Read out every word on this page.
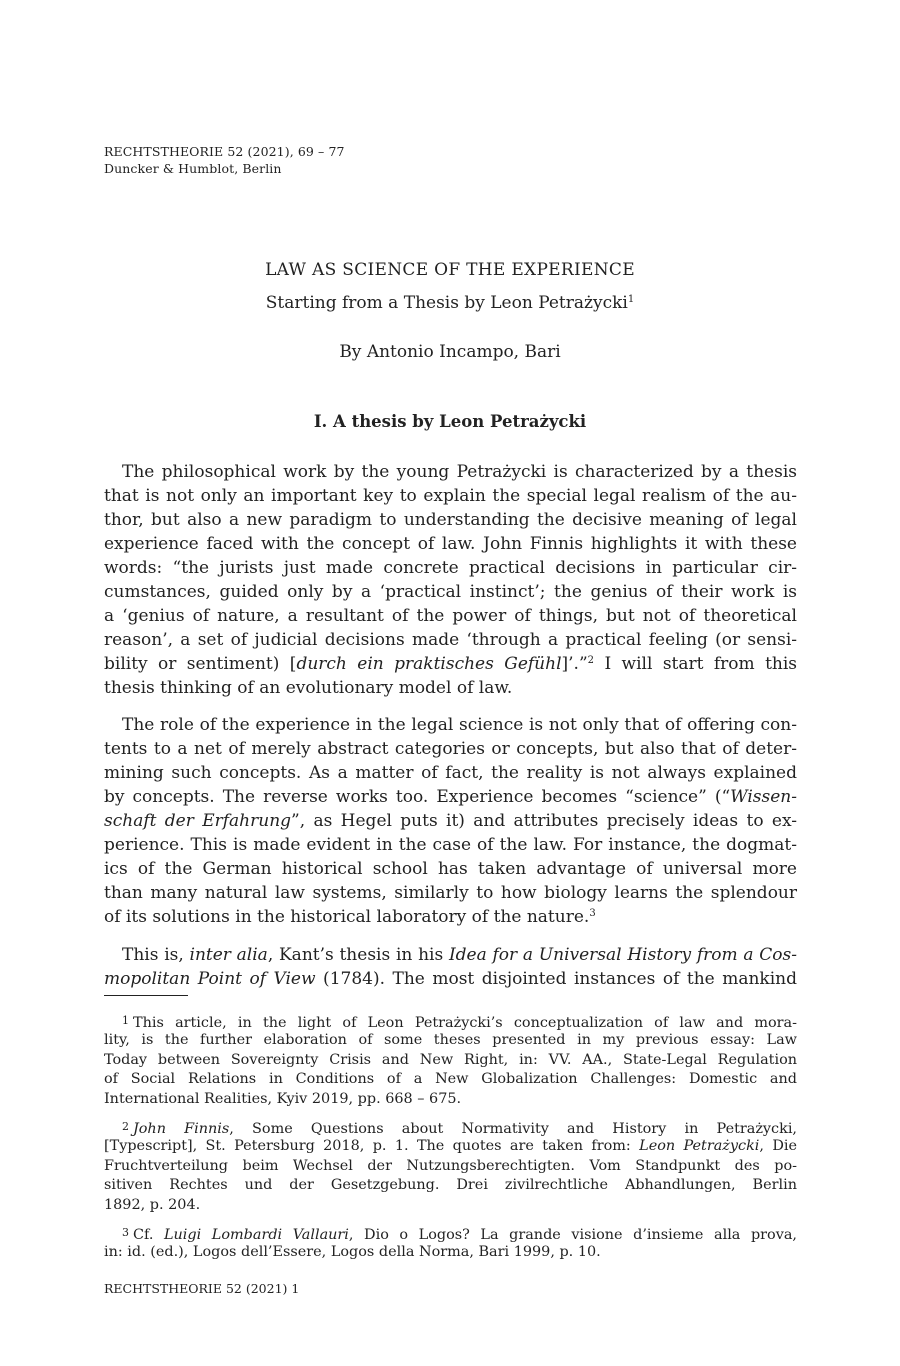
RECHTSTHEORIE 52 (2021), 69 – 77
Duncker & Humblot, Berlin
LAW AS SCIENCE OF THE EXPERIENCE
Starting from a Thesis by Leon Petrażycki$^1$
By Antonio Incampo, Bari
I. A thesis by Leon Petrażycki
The philosophical work by the young Petrażycki is characterized by a thesis
that is not only an important key to explain the special legal realism of the au-
thor, but also a new paradigm to understanding the decisive meaning of legal
experience faced with the concept of law. John Finnis highlights it with these
words: “the jurists just made concrete practical decisions in particular cir-
cumstances, guided only by a ‘practical instinct’; the genius of their work is
a ‘genius of nature, a resultant of the power of things, but not of theoretical
reason’, a set of judicial decisions made ‘through a practical feeling (or sensi-
bility or sentiment) [durch ein praktisches Gefühl]’.”$^2$ I will start from this
thesis thinking of an evolutionary model of law.
The role of the experience in the legal science is not only that of offering con-
tents to a net of merely abstract categories or concepts, but also that of deter-
mining such concepts. As a matter of fact, the reality is not always explained
by concepts. The reverse works too. Experience becomes “science” (“Wissen-
schaft der Erfahrung”, as Hegel puts it) and attributes precisely ideas to ex-
perience. This is made evident in the case of the law. For instance, the dogmat-
ics of the German historical school has taken advantage of universal more
than many natural law systems, similarly to how biology learns the splendour
of its solutions in the historical laboratory of the nature.$^3$
This is, inter alia, Kant’s thesis in his Idea for a Universal History from a Cos-
mopolitan Point of View (1784). The most disjointed instances of the mankind
$^1$ This article, in the light of Leon Petrażycki’s conceptualization of law and mora-
lity, is the further elaboration of some theses presented in my previous essay: Law
Today between Sovereignty Crisis and New Right, in: VV. AA., State-Legal Regulation
of Social Relations in Conditions of a New Globalization Challenges: Domestic and
International Realities, Kyiv 2019, pp. 668 – 675.
$^2$ John Finnis, Some Questions about Normativity and History in Petrażycki,
[Typescript], St. Petersburg 2018, p. 1. The quotes are taken from: Leon Petrażycki, Die
Fruchtverteilung beim Wechsel der Nutzungsberechtigten. Vom Standpunkt des po-
sitiven Rechtes und der Gesetzgebung. Drei zivilrechtliche Abhandlungen, Berlin
1892, p. 204.
$^3$ Cf. Luigi Lombardi Vallauri, Dio o Logos? La grande visione d’insieme alla prova,
in: id. (ed.), Logos dell’Essere, Logos della Norma, Bari 1999, p. 10.
RECHTSTHEORIE 52 (2021) 1
